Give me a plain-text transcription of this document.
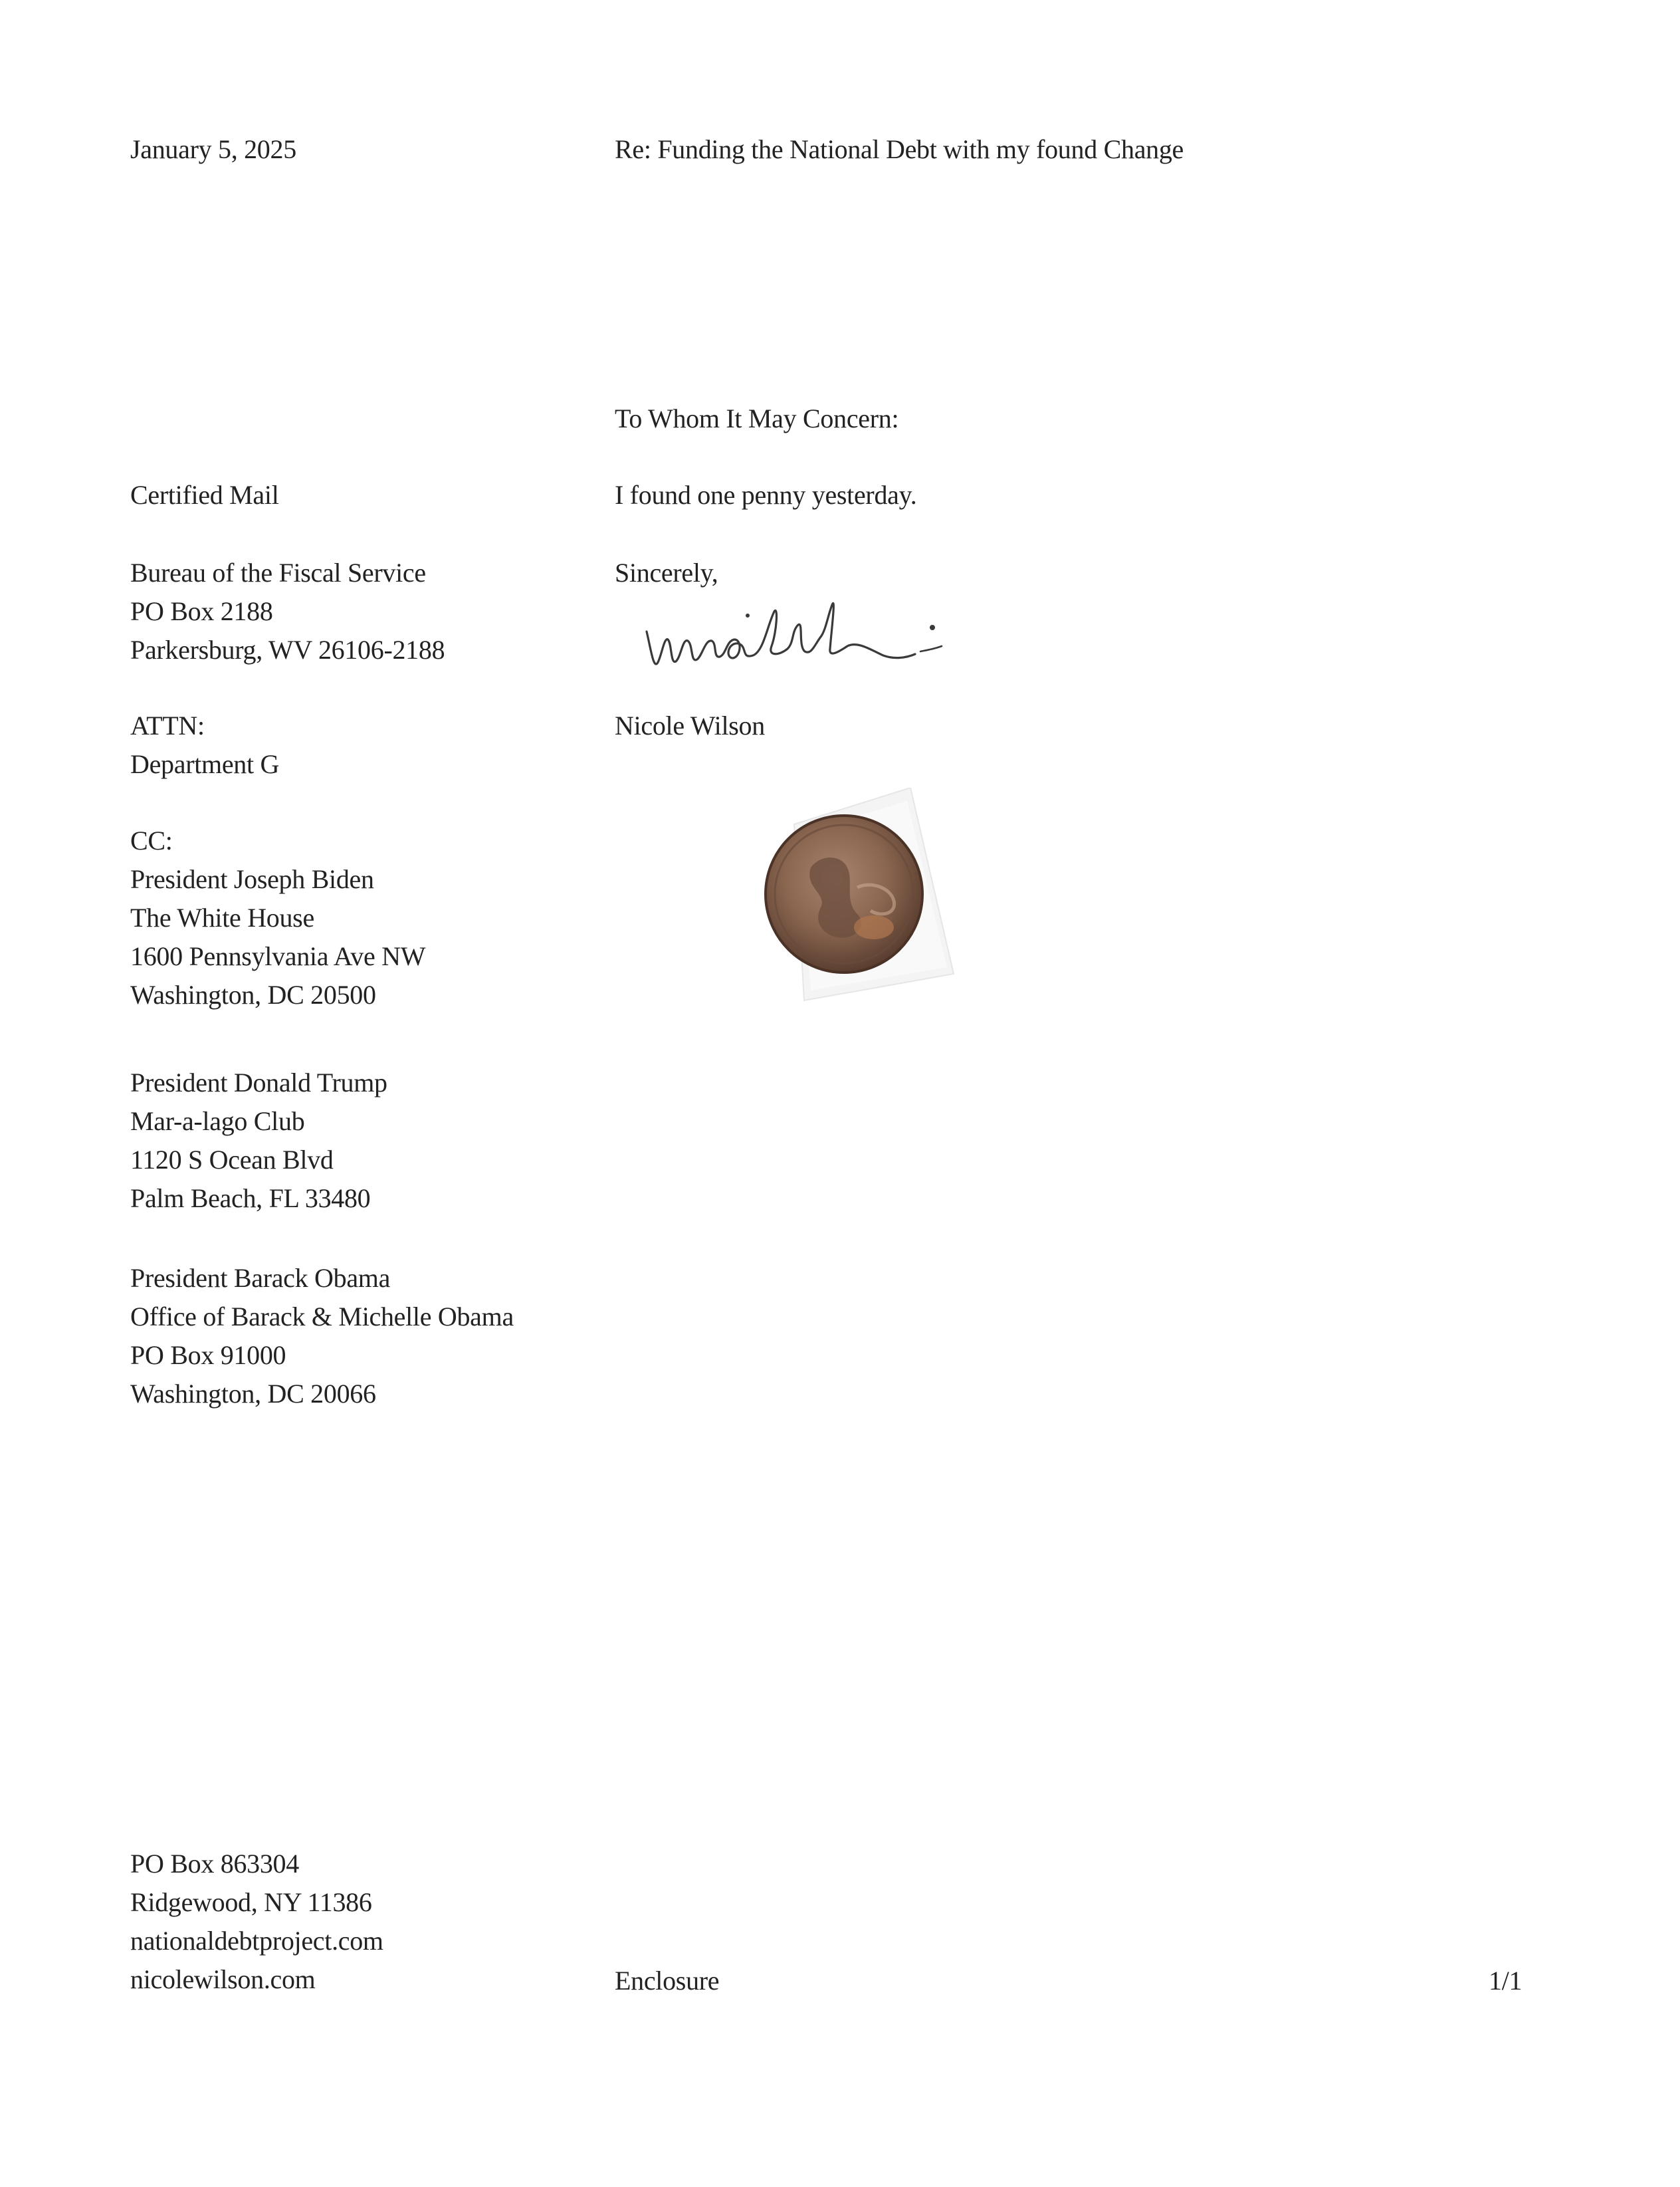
January 5, 2025	Re: Funding the National Debt with my found Change
To Whom It May Concern:
Certified Mail	I found one penny yesterday.
Sincerely,
Bureau of the Fiscal Service
PO Box 2188
Parkersburg, WV 26106-2188
Nicole Wilson
ATTN:
Department G
CC:
President Joseph Biden
The White House
1600 Pennsylvania Ave NW
Washington, DC 20500
President Donald Trump
Mar-a-lago Club
1120 S Ocean Blvd
Palm Beach, FL 33480
President Barack Obama
Office of Barack & Michelle Obama
PO Box 91000
Washington, DC 20066
PO Box 863304
Ridgewood, NY 11386
nationaldebtproject.com
nicolewilson.com	Enclosure	1/1
